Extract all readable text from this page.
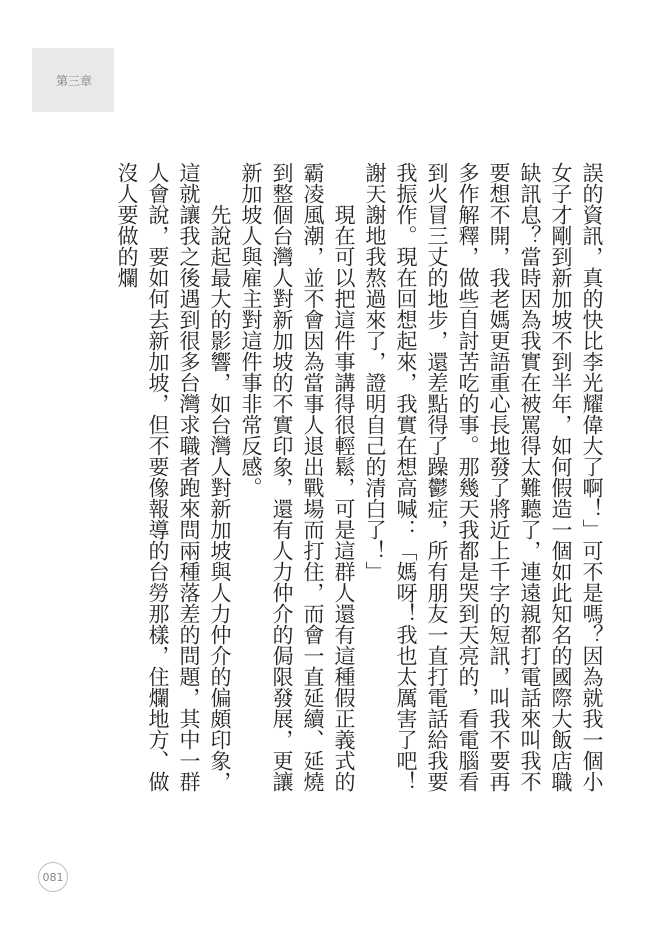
第三章

誤的資訊，真的快比李光耀偉大了啊！」可不是嗎？因為就我一個小女子才剛到新加坡不到半年，如何假造一個如此知名的國際大飯店職缺訊息？當時因為我實在被罵得太難聽了，連遠親都打電話來叫我不要想不開，我老媽更語重心長地發了將近上千字的短訊，叫我不要再多作解釋，做些自討苦吃的事。那幾天我都是哭到天亮的，看電腦看到火冒三丈的地步，還差點得了躁鬱症，所有朋友一直打電話給我要我振作。現在回想起來，我實在想高喊：「媽呀！我也太厲害了吧！謝天謝地我熬過來了，證明自己的清白了！」

現在可以把這件事講得很輕鬆，可是這群人還有這種假正義式的霸凌風潮，並不會因為當事人退出戰場而打住，而會一直延續、延燒到整個台灣人對新加坡的不實印象，還有人力仲介的侷限發展，更讓新加坡人與雇主對這件事非常反感。

先說起最大的影響，如台灣人對新加坡與人力仲介的偏頗印象，這就讓我之後遇到很多台灣求職者跑來問兩種落差的問題，其中一群人會說，要如何去新加坡，但不要像報導的台勞那樣，住爛地方、做沒人要做的爛

081
